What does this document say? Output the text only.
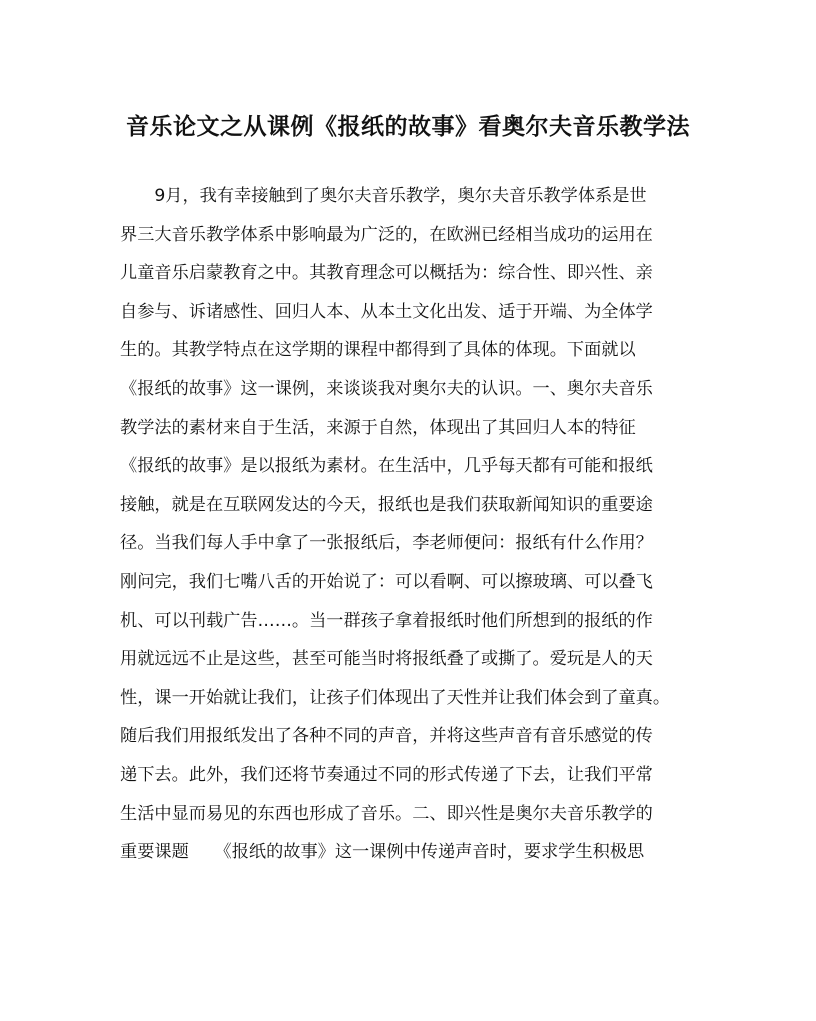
音乐论文之从课例《报纸的故事》看奥尔夫音乐教学法
　　9月，我有幸接触到了奥尔夫音乐教学，奥尔夫音乐教学体系是世
界三大音乐教学体系中影响最为广泛的，在欧洲已经相当成功的运用在
儿童音乐启蒙教育之中。其教育理念可以概括为：综合性、即兴性、亲
自参与、诉诸感性、回归人本、从本土文化出发、适于开端、为全体学
生的。其教学特点在这学期的课程中都得到了具体的体现。下面就以
《报纸的故事》这一课例，来谈谈我对奥尔夫的认识。一、奥尔夫音乐
教学法的素材来自于生活，来源于自然，体现出了其回归人本的特征
《报纸的故事》是以报纸为素材。在生活中，几乎每天都有可能和报纸
接触，就是在互联网发达的今天，报纸也是我们获取新闻知识的重要途
径。当我们每人手中拿了一张报纸后，李老师便问：报纸有什么作用？
刚问完，我们七嘴八舌的开始说了：可以看啊、可以擦玻璃、可以叠飞
机、可以刊载广告……。当一群孩子拿着报纸时他们所想到的报纸的作
用就远远不止是这些，甚至可能当时将报纸叠了或撕了。爱玩是人的天
性，课一开始就让我们，让孩子们体现出了天性并让我们体会到了童真。
随后我们用报纸发出了各种不同的声音，并将这些声音有音乐感觉的传
递下去。此外，我们还将节奏通过不同的形式传递了下去，让我们平常
生活中显而易见的东西也形成了音乐。二、即兴性是奥尔夫音乐教学的
重要课题　　《报纸的故事》这一课例中传递声音时，要求学生积极思
